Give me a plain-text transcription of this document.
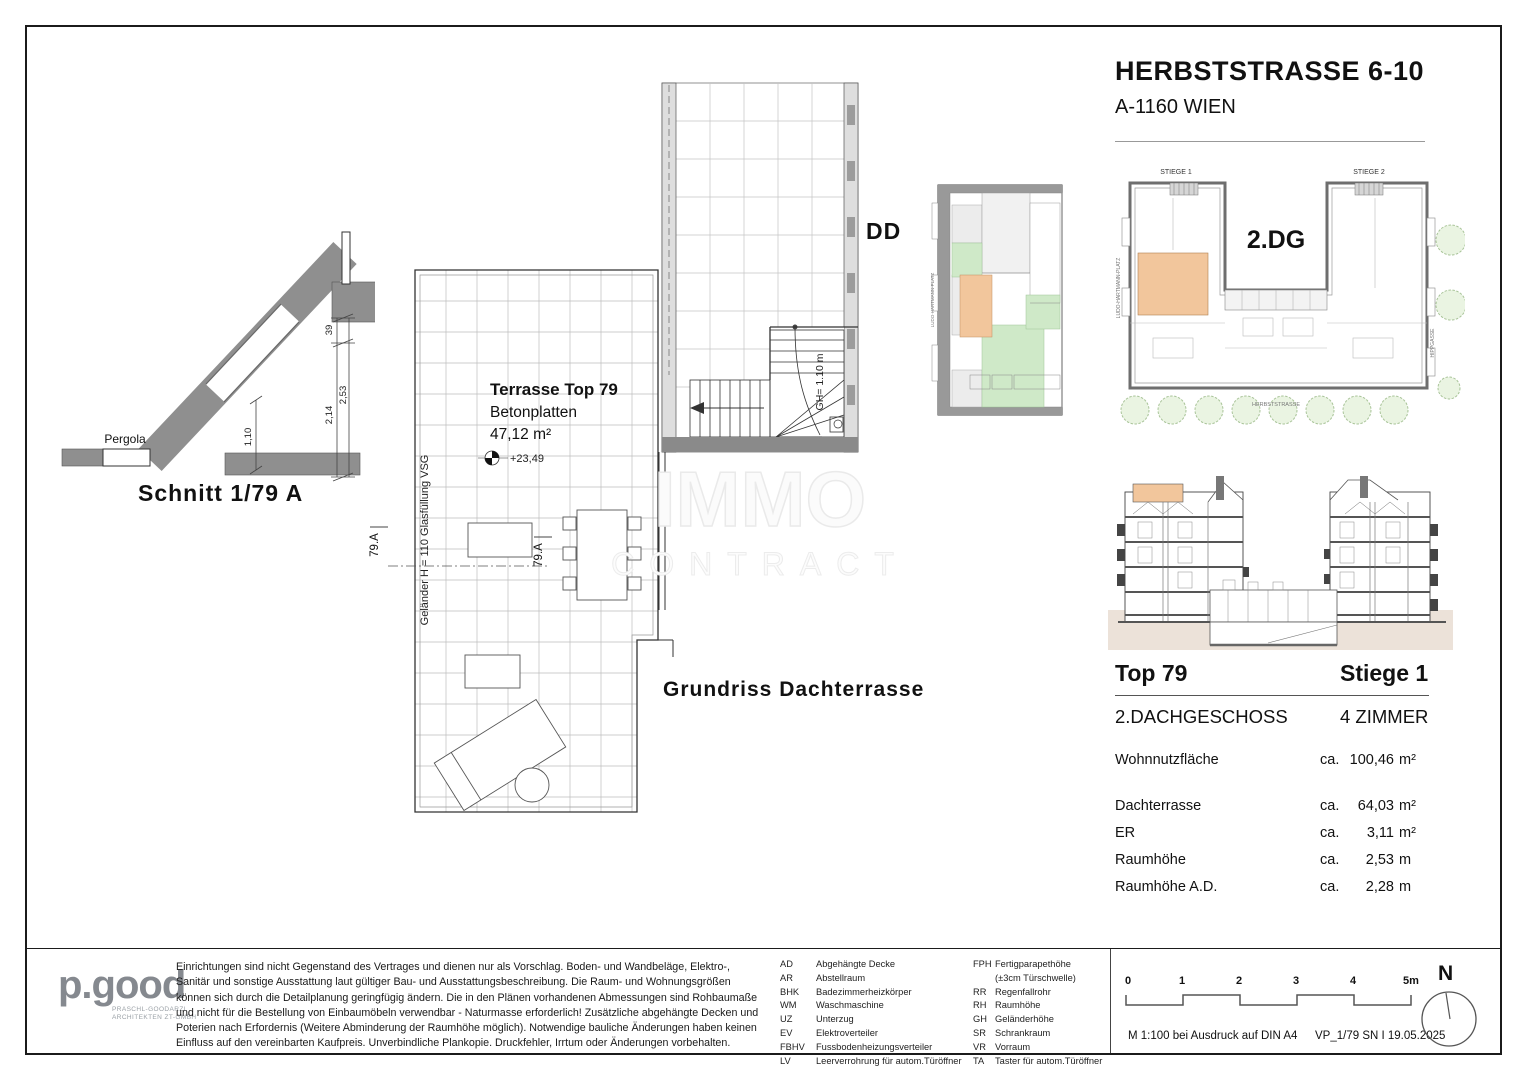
HERBSTSTRASSE 6-10
A-1160 WIEN
Pergola
39
2,14
2,53
1,10
Schnitt 1/79 A
GH= 1.10 m
+23,49
Terrasse Top 79
Betonplatten
47,12 m²
Geländer H = 110 Glasfüllung VSG
79.A	79.A
Grundriss Dachterrasse
DD
LUDO-HARTMANN-PLATZ
STIEGE 1	STIEGE 2
2.DG
LUDO-HARTMANN-PLATZ
HIPPGASSE
HERBSTSTRASSE
IMMO
CONTRACT
Top 79	Stiege 1
2.DACHGESCHOSS	4 ZIMMER
Wohnnutzfläche	ca. 100,46 m²
Dachterrasse	ca.	64,03 m²
ER	ca.	3,11 m²
Raumhöhe	ca.	2,53 m
Raumhöhe A.D.	ca.	2,28 m
p.good
PRASCHL-GOODARZI
ARCHITEKTEN ZT-GMBH
Einrichtungen sind nicht Gegenstand des Vertrages und dienen nur als Vorschlag. Boden- und Wandbeläge, Elektro-, Sanitär und sonstige Ausstattung laut gültiger Bau- und Ausstattungsbeschreibung. Die Raum- und Wohnungsgrößen können sich durch die Detailplanung geringfügig ändern. Die in den Plänen vorhandenen Abmessungen sind Rohbaumaße und nicht für die Bestellung von Einbaumöbeln verwendbar - Naturmasse erforderlich! Zusätzliche abgehängte Decken und Poterien nach Erfordernis (Weitere Abminderung der Raumhöhe möglich). Notwendige bauliche Änderungen haben keinen Einfluss auf den vereinbarten Kaufpreis. Unverbindliche Plankopie. Druckfehler, Irrtum oder Änderungen vorbehalten.
AD	Abgehängte Decke
AR	Abstellraum
BHK	Badezimmerheizkörper
WM	Waschmaschine
UZ	Unterzug
EV	Elektroverteiler
FBHV	Fussbodenheizungsverteiler
LV	Leerverrohrung für autom.Türöffner
FPH Fertigparapethöhe
(±3cm Türschwelle)
RR Regenfallrohr
RH Raumhöhe
GH Geländerhöhe
SR Schrankraum
VR Vorraum
TA	Taster für autom.Türöffner
0	1	2	3	4	5m
M 1:100 bei Ausdruck auf DIN A4 VP_1/79 SN I 19.05.2025
N
